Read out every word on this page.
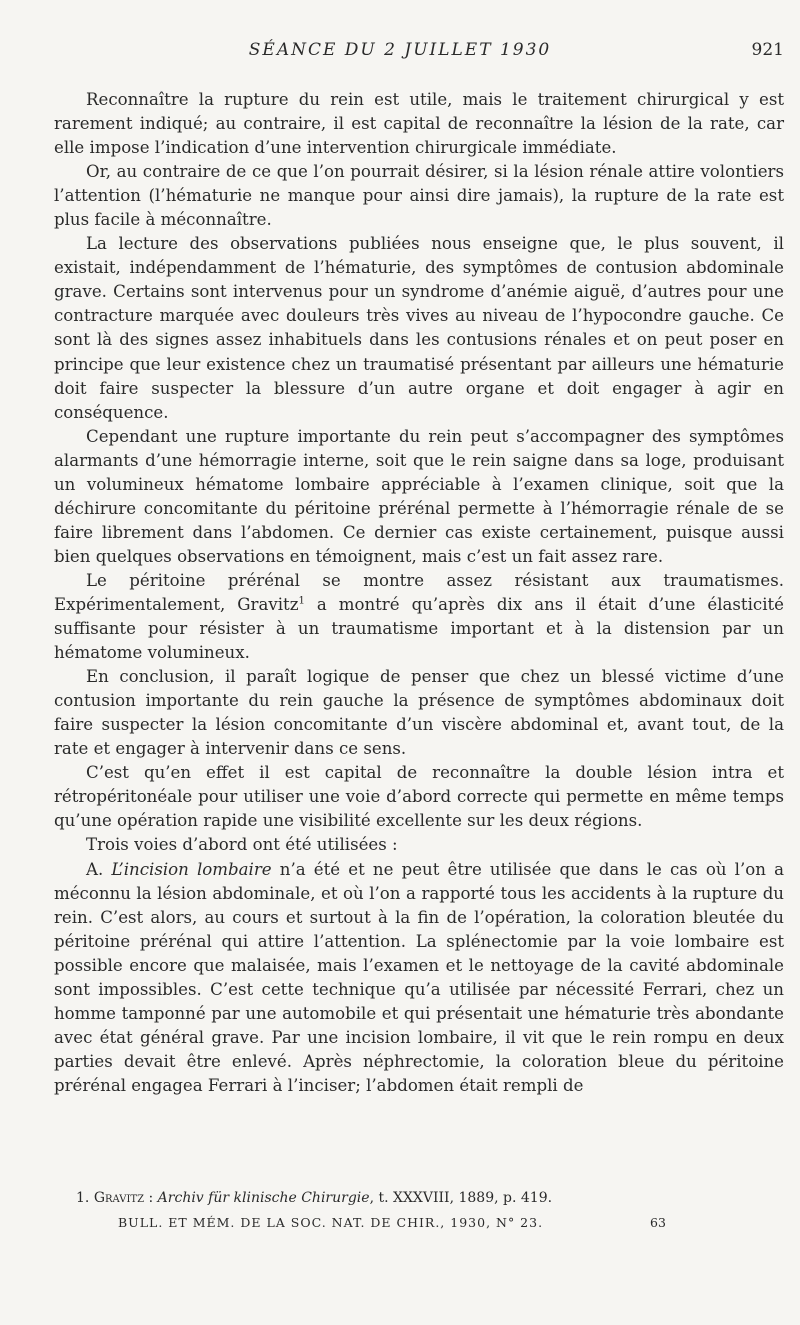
SÉANCE DU 2 JUILLET 1930	921

Reconnaître la rupture du rein est utile, mais le traitement chirurgical y est rarement indiqué; au contraire, il est capital de reconnaître la lésion de la rate, car elle impose l’indication d’une intervention chirurgicale immédiate.

Or, au contraire de ce que l’on pourrait désirer, si la lésion rénale attire volontiers l’attention (l’hématurie ne manque pour ainsi dire jamais), la rupture de la rate est plus facile à méconnaître.

La lecture des observations publiées nous enseigne que, le plus souvent, il existait, indépendamment de l’hématurie, des symptômes de contusion abdominale grave. Certains sont intervenus pour un syndrome d’anémie aiguë, d’autres pour une contracture marquée avec douleurs très vives au niveau de l’hypocondre gauche. Ce sont là des signes assez inhabituels dans les contusions rénales et on peut poser en principe que leur existence chez un traumatisé présentant par ailleurs une hématurie doit faire suspecter la blessure d’un autre organe et doit engager à agir en conséquence.

Cependant une rupture importante du rein peut s’accompagner des symptômes alarmants d’une hémorragie interne, soit que le rein saigne dans sa loge, produisant un volumineux hématome lombaire appréciable à l’examen clinique, soit que la déchirure concomitante du péritoine prérénal permette à l’hémorragie rénale de se faire librement dans l’abdomen. Ce dernier cas existe certainement, puisque aussi bien quelques observations en témoignent, mais c’est un fait assez rare.

Le péritoine prérénal se montre assez résistant aux traumatismes. Expérimentalement, Gravitz$^1$ a montré qu’après dix ans il était d’une élasticité suffisante pour résister à un traumatisme important et à la distension par un hématome volumineux.

En conclusion, il paraît logique de penser que chez un blessé victime d’une contusion importante du rein gauche la présence de symptômes abdominaux doit faire suspecter la lésion concomitante d’un viscère abdominal et, avant tout, de la rate et engager à intervenir dans ce sens.

C’est qu’en effet il est capital de reconnaître la double lésion intra et rétropéritonéale pour utiliser une voie d’abord correcte qui permette en même temps qu’une opération rapide une visibilité excellente sur les deux régions.

Trois voies d’abord ont été utilisées :

A. L’incision lombaire n’a été et ne peut être utilisée que dans le cas où l’on a méconnu la lésion abdominale, et où l’on a rapporté tous les accidents à la rupture du rein. C’est alors, au cours et surtout à la fin de l’opération, la coloration bleutée du péritoine prérénal qui attire l’attention. La splénectomie par la voie lombaire est possible encore que malaisée, mais l’examen et le nettoyage de la cavité abdominale sont impossibles. C’est cette technique qu’a utilisée par nécessité Ferrari, chez un homme tamponné par une automobile et qui présentait une hématurie très abondante avec état général grave. Par une incision lombaire, il vit que le rein rompu en deux parties devait être enlevé. Après néphrectomie, la coloration bleue du péritoine prérénal engagea Ferrari à l’inciser; l’abdomen était rempli de

1. Gravitz : Archiv für klinische Chirurgie, t. XXXVIII, 1889, p. 419.
BULL. ET MÉM. DE LA SOC. NAT. DE CHIR., 1930, N° 23.	63
